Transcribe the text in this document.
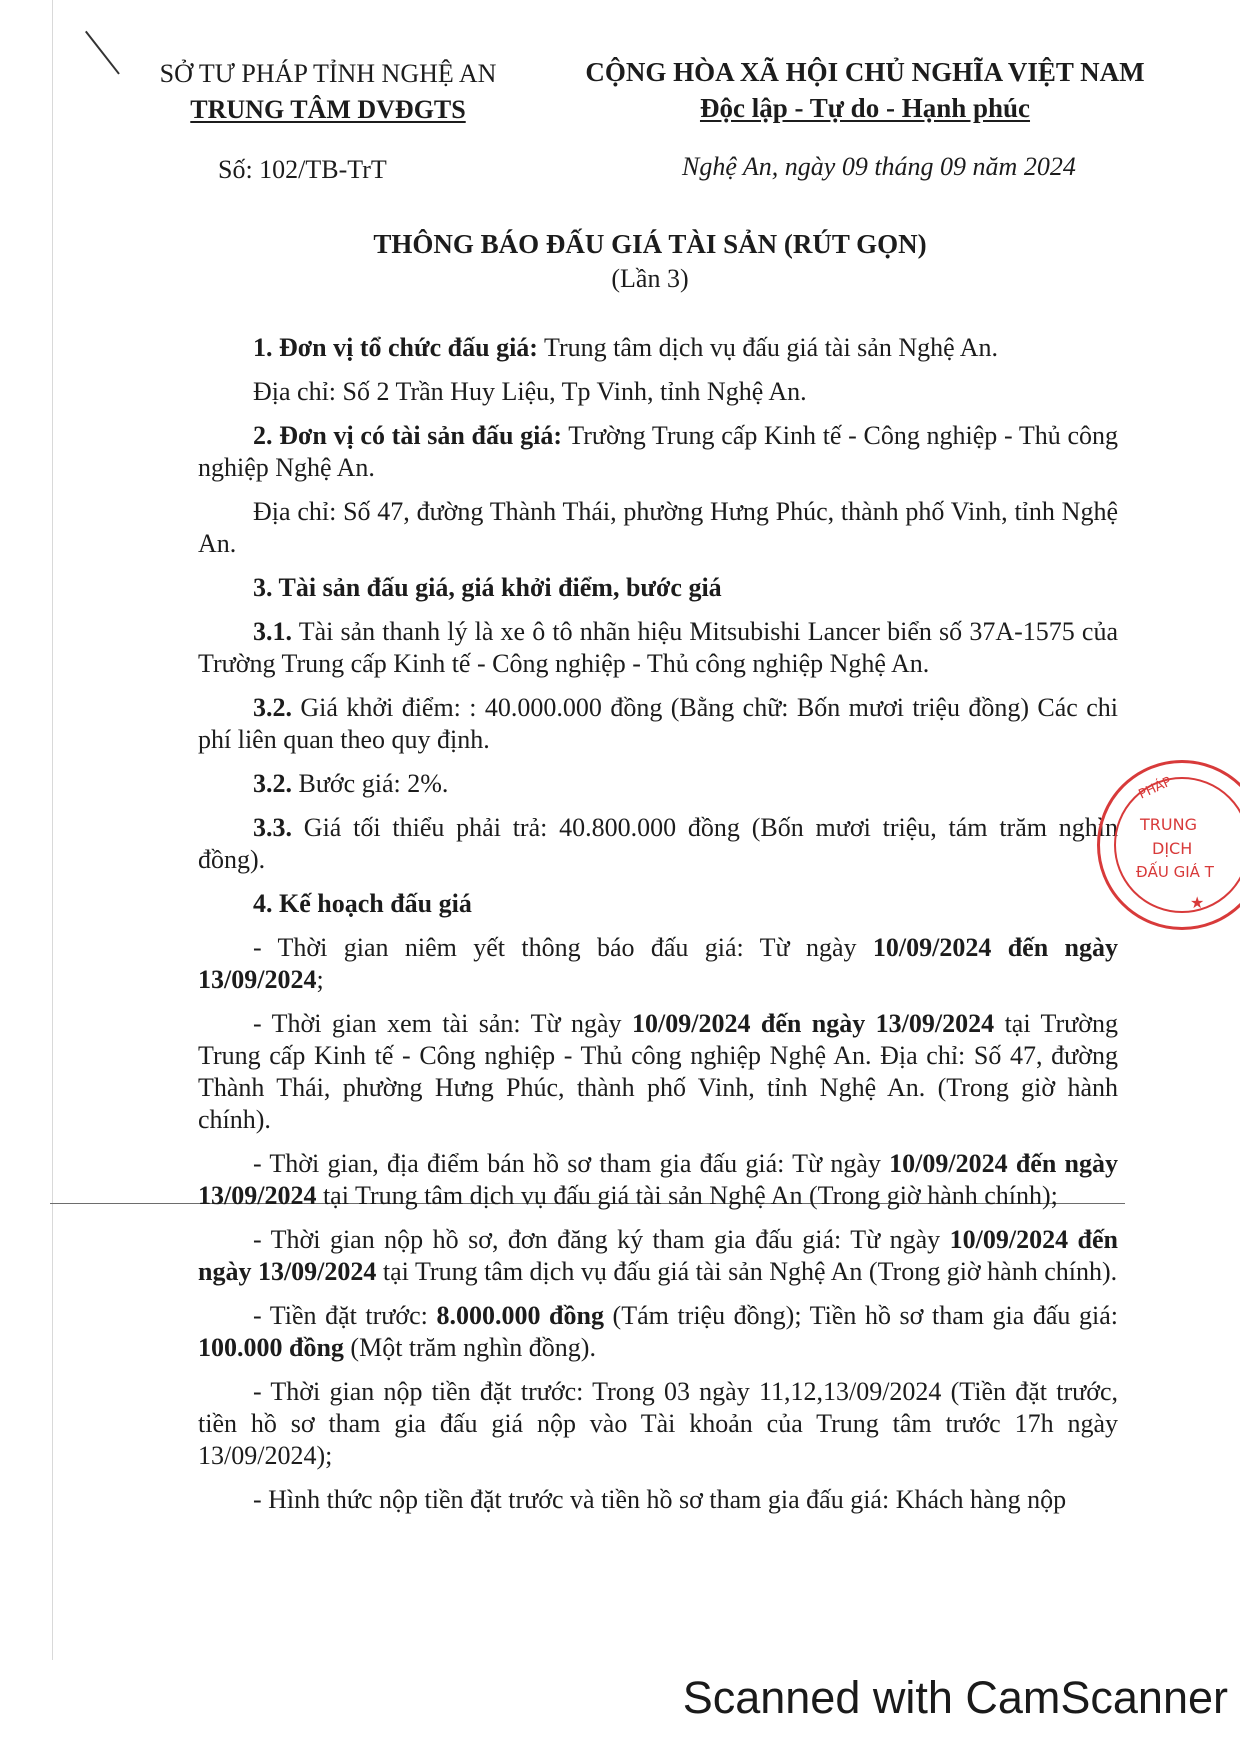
SỞ TƯ PHÁP TỈNH NGHỆ AN
TRUNG TÂM DVĐGTS
CỘNG HÒA XÃ HỘI CHỦ NGHĨA VIỆT NAM
Độc lập - Tự do - Hạnh phúc
Số: 102/TB-TrT	Nghệ An, ngày 09 tháng 09 năm 2024
THÔNG BÁO ĐẤU GIÁ TÀI SẢN (RÚT GỌN)
(Lần 3)

1. Đơn vị tổ chức đấu giá: Trung tâm dịch vụ đấu giá tài sản Nghệ An.

Địa chỉ: Số 2 Trần Huy Liệu, Tp Vinh, tỉnh Nghệ An.

2. Đơn vị có tài sản đấu giá: Trường Trung cấp Kinh tế - Công nghiệp - Thủ công nghiệp Nghệ An.

Địa chỉ: Số 47, đường Thành Thái, phường Hưng Phúc, thành phố Vinh, tỉnh Nghệ An.

3. Tài sản đấu giá, giá khởi điểm, bước giá

3.1. Tài sản thanh lý là xe ô tô nhãn hiệu Mitsubishi Lancer biển số 37A-1575 của Trường Trung cấp Kinh tế - Công nghiệp - Thủ công nghiệp Nghệ An.

3.2. Giá khởi điểm: : 40.000.000 đồng (Bằng chữ: Bốn mươi triệu đồng) Các chi phí liên quan theo quy định.

3.2. Bước giá: 2%.

3.3. Giá tối thiểu phải trả: 40.800.000 đồng (Bốn mươi triệu, tám trăm nghìn đồng).

4. Kế hoạch đấu giá

- Thời gian niêm yết thông báo đấu giá: Từ ngày 10/09/2024 đến ngày 13/09/2024;

- Thời gian xem tài sản: Từ ngày 10/09/2024 đến ngày 13/09/2024 tại Trường Trung cấp Kinh tế - Công nghiệp - Thủ công nghiệp Nghệ An. Địa chỉ: Số 47, đường Thành Thái, phường Hưng Phúc, thành phố Vinh, tỉnh Nghệ An. (Trong giờ hành chính).

- Thời gian, địa điểm bán hồ sơ tham gia đấu giá: Từ ngày 10/09/2024 đến ngày 13/09/2024 tại Trung tâm dịch vụ đấu giá tài sản Nghệ An (Trong giờ hành chính);

- Thời gian nộp hồ sơ, đơn đăng ký tham gia đấu giá: Từ ngày 10/09/2024 đến ngày 13/09/2024 tại Trung tâm dịch vụ đấu giá tài sản Nghệ An (Trong giờ hành chính).

- Tiền đặt trước: 8.000.000 đồng (Tám triệu đồng); Tiền hồ sơ tham gia đấu giá: 100.000 đồng (Một trăm nghìn đồng).

- Thời gian nộp tiền đặt trước: Trong 03 ngày 11,12,13/09/2024 (Tiền đặt trước, tiền hồ sơ tham gia đấu giá nộp vào Tài khoản của Trung tâm trước 17h ngày 13/09/2024);

- Hình thức nộp tiền đặt trước và tiền hồ sơ tham gia đấu giá: Khách hàng nộp

PHÁP
TRUNG
DỊCH
ĐẤU GIÁ T
★
Scanned with CamScanner
